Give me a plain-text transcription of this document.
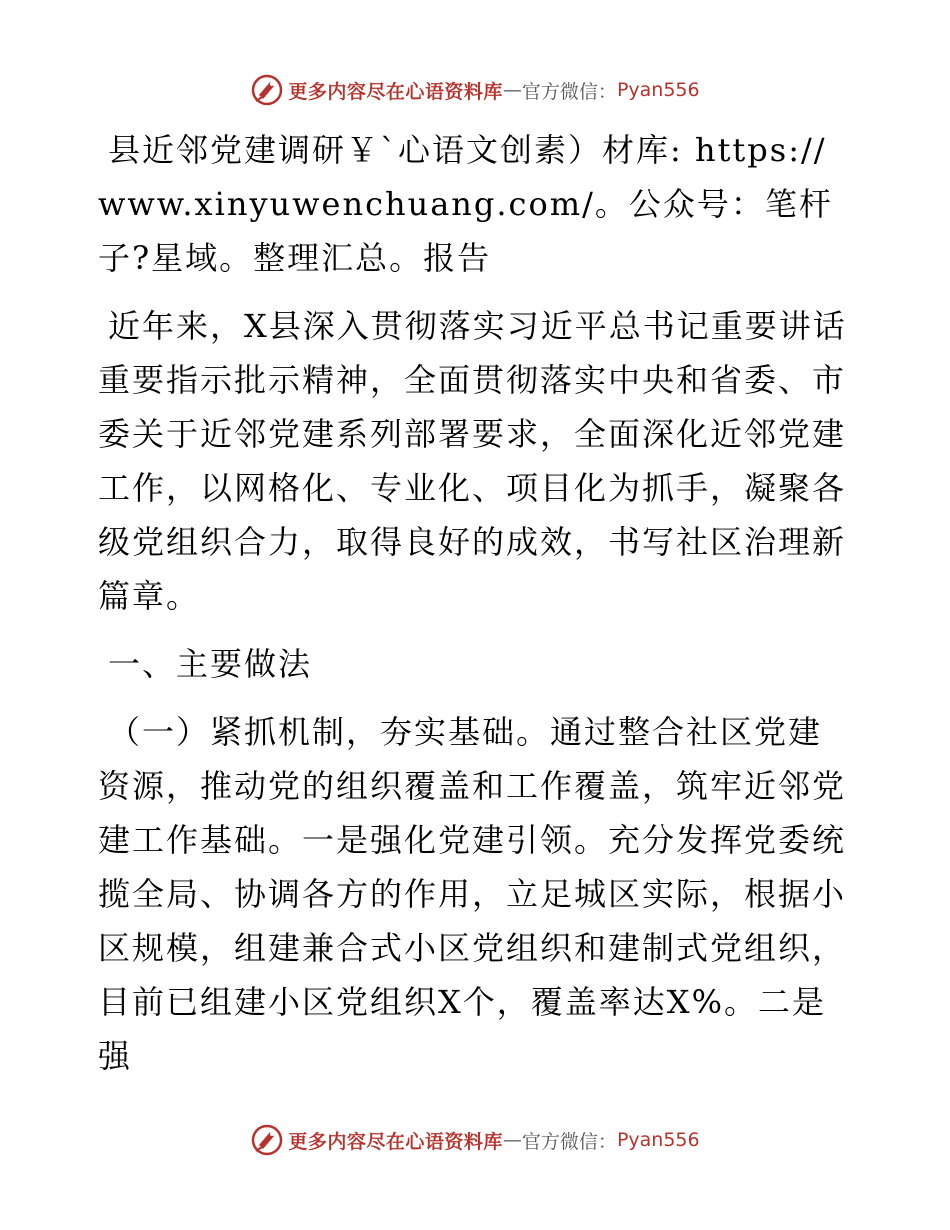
更多内容尽在心语资料库 — 官方微信： Pyan556

县近邻党建调研￥`心语文创素）材库: https://www.xinyuwenchuang.com/。公众号：笔杆子?星域。整理汇总。报告

近年来，X县深入贯彻落实习近平总书记重要讲话重要指示批示精神，全面贯彻落实中央和省委、市委关于近邻党建系列部署要求，全面深化近邻党建工作，以网格化、专业化、项目化为抓手，凝聚各级党组织合力，取得良好的成效，书写社区治理新篇章。

一、主要做法

（一）紧抓机制，夯实基础。通过整合社区党建资源，推动党的组织覆盖和工作覆盖，筑牢近邻党建工作基础。一是强化党建引领。充分发挥党委统揽全局、协调各方的作用，立足城区实际，根据小区规模，组建兼合式小区党组织和建制式党组织，目前已组建小区党组织X个，覆盖率达X%。二是强

更多内容尽在心语资料库 — 官方微信： Pyan556
